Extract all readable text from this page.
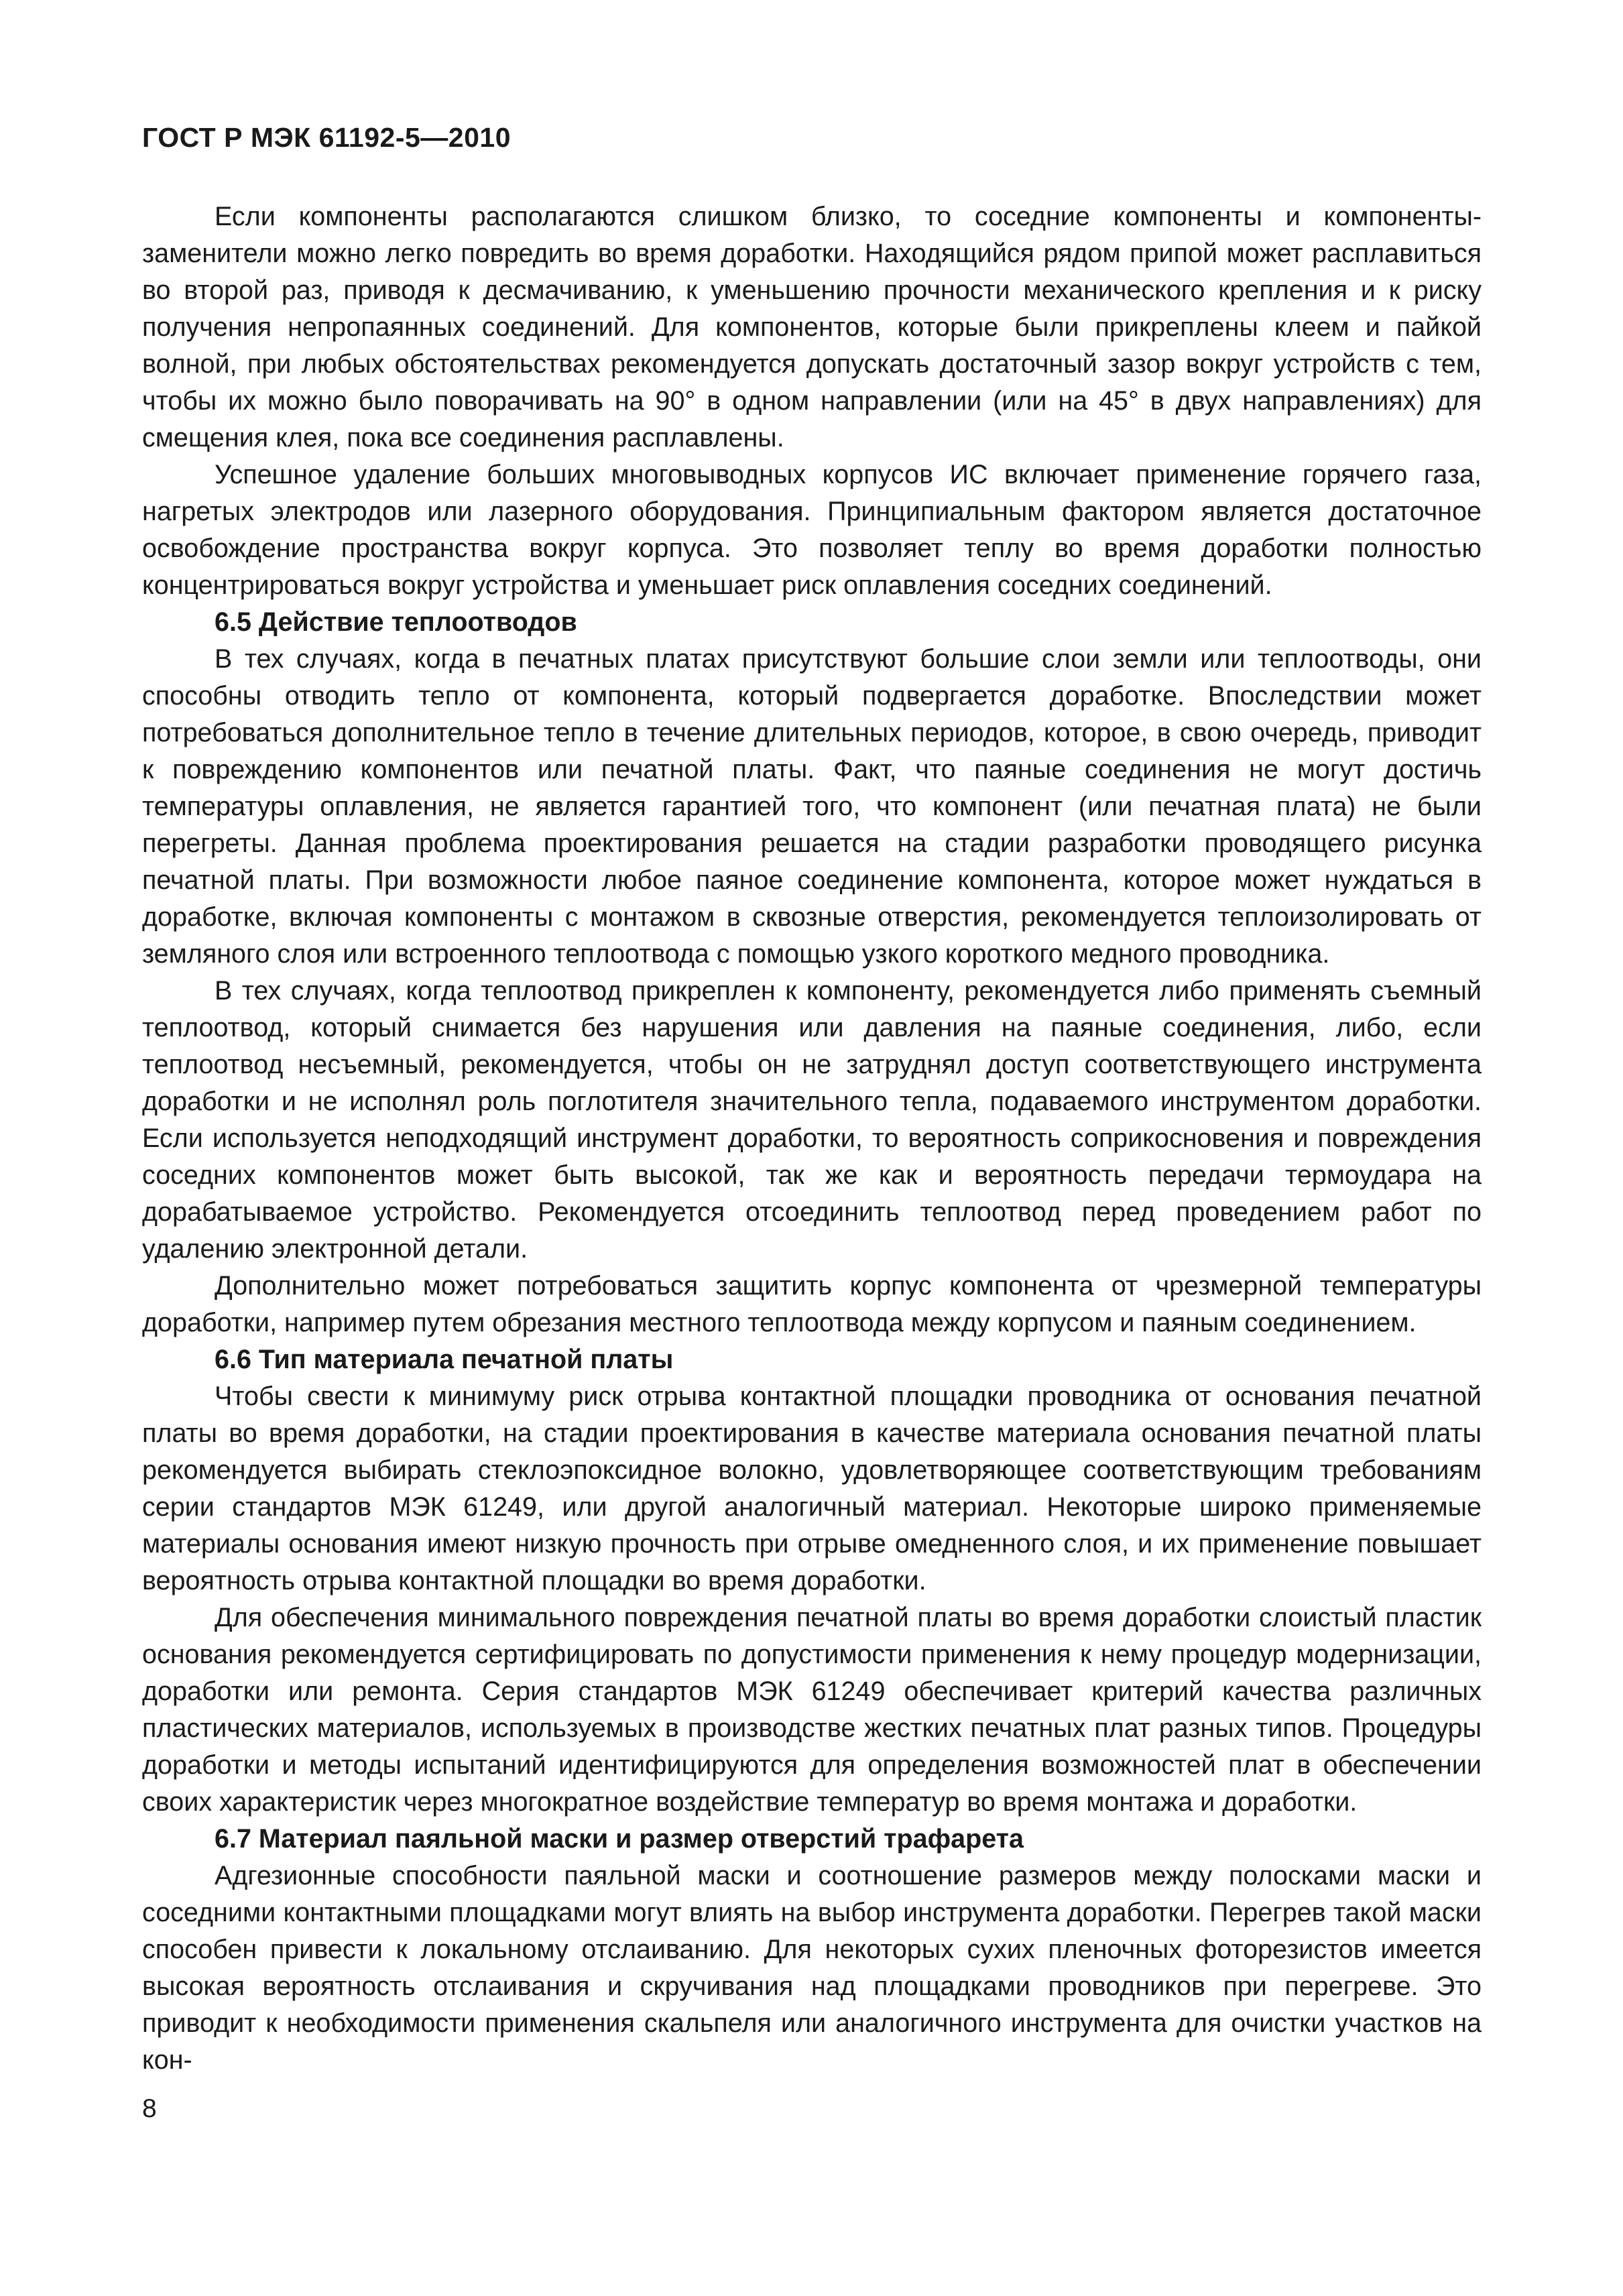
ГОСТ Р МЭК 61192-5—2010

Если компоненты располагаются слишком близко, то соседние компоненты и компоненты-заменители можно легко повредить во время доработки. Находящийся рядом припой может расплавиться во второй раз, приводя к десмачиванию, к уменьшению прочности механического крепления и к риску получения непропаянных соединений. Для компонентов, которые были прикреплены клеем и пайкой волной, при любых обстоятельствах рекомендуется допускать достаточный зазор вокруг устройств с тем, чтобы их можно было поворачивать на 90° в одном направлении (или на 45° в двух направлениях) для смещения клея, пока все соединения расплавлены.

Успешное удаление больших многовыводных корпусов ИС включает применение горячего газа, нагретых электродов или лазерного оборудования. Принципиальным фактором является достаточное освобождение пространства вокруг корпуса. Это позволяет теплу во время доработки полностью концентрироваться вокруг устройства и уменьшает риск оплавления соседних соединений.

6.5 Действие теплоотводов

В тех случаях, когда в печатных платах присутствуют большие слои земли или теплоотводы, они способны отводить тепло от компонента, который подвергается доработке. Впоследствии может потребоваться дополнительное тепло в течение длительных периодов, которое, в свою очередь, приводит к повреждению компонентов или печатной платы. Факт, что паяные соединения не могут достичь температуры оплавления, не является гарантией того, что компонент (или печатная плата) не были перегреты. Данная проблема проектирования решается на стадии разработки проводящего рисунка печатной платы. При возможности любое паяное соединение компонента, которое может нуждаться в доработке, включая компоненты с монтажом в сквозные отверстия, рекомендуется теплоизолировать от земляного слоя или встроенного теплоотвода с помощью узкого короткого медного проводника.

В тех случаях, когда теплоотвод прикреплен к компоненту, рекомендуется либо применять съемный теплоотвод, который снимается без нарушения или давления на паяные соединения, либо, если теплоотвод несъемный, рекомендуется, чтобы он не затруднял доступ соответствующего инструмента доработки и не исполнял роль поглотителя значительного тепла, подаваемого инструментом доработки. Если используется неподходящий инструмент доработки, то вероятность соприкосновения и повреждения соседних компонентов может быть высокой, так же как и вероятность передачи термоудара на дорабатываемое устройство. Рекомендуется отсоединить теплоотвод перед проведением работ по удалению электронной детали.

Дополнительно может потребоваться защитить корпус компонента от чрезмерной температуры доработки, например путем обрезания местного теплоотвода между корпусом и паяным соединением.

6.6 Тип материала печатной платы

Чтобы свести к минимуму риск отрыва контактной площадки проводника от основания печатной платы во время доработки, на стадии проектирования в качестве материала основания печатной платы рекомендуется выбирать стеклоэпоксидное волокно, удовлетворяющее соответствующим требованиям серии стандартов МЭК 61249, или другой аналогичный материал. Некоторые широко применяемые материалы основания имеют низкую прочность при отрыве омедненного слоя, и их применение повышает вероятность отрыва контактной площадки во время доработки.

Для обеспечения минимального повреждения печатной платы во время доработки слоистый пластик основания рекомендуется сертифицировать по допустимости применения к нему процедур модернизации, доработки или ремонта. Серия стандартов МЭК 61249 обеспечивает критерий качества различных пластических материалов, используемых в производстве жестких печатных плат разных типов. Процедуры доработки и методы испытаний идентифицируются для определения возможностей плат в обеспечении своих характеристик через многократное воздействие температур во время монтажа и доработки.

6.7 Материал паяльной маски и размер отверстий трафарета

Адгезионные способности паяльной маски и соотношение размеров между полосками маски и соседними контактными площадками могут влиять на выбор инструмента доработки. Перегрев такой маски способен привести к локальному отслаиванию. Для некоторых сухих пленочных фоторезистов имеется высокая вероятность отслаивания и скручивания над площадками проводников при перегреве. Это приводит к необходимости применения скальпеля или аналогичного инструмента для очистки участков на кон-

8
